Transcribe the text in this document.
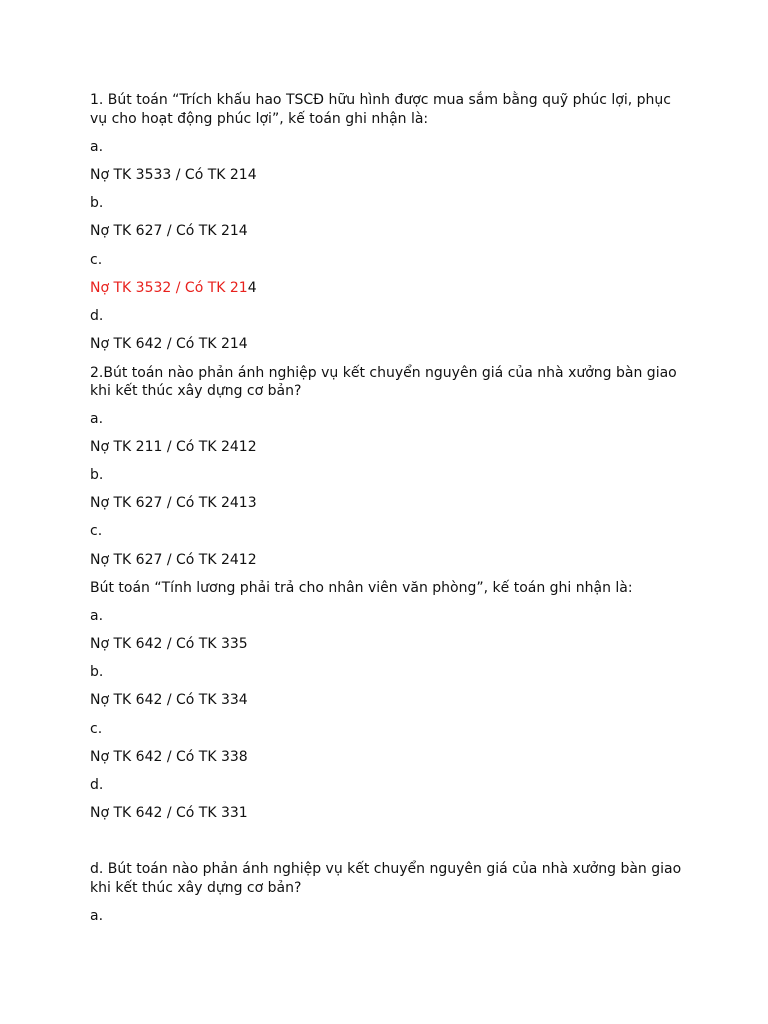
1. Bút toán “Trích khấu hao TSCĐ hữu hình được mua sắm bằng quỹ phúc lợi, phục
vụ cho hoạt động phúc lợi”, kế toán ghi nhận là:
a.
Nợ TK 3533 / Có TK 214
b.
Nợ TK 627 / Có TK 214
c.
Nợ TK 3532 / Có TK 214
d.
Nợ TK 642 / Có TK 214
2.Bút toán nào phản ánh nghiệp vụ kết chuyển nguyên giá của nhà xưởng bàn giao
khi kết thúc xây dựng cơ bản?
a.
Nợ TK 211 / Có TK 2412
b.
Nợ TK 627 / Có TK 2413
c.
Nợ TK 627 / Có TK 2412
Bút toán “Tính lương phải trả cho nhân viên văn phòng”, kế toán ghi nhận là:
a.
Nợ TK 642 / Có TK 335
b.
Nợ TK 642 / Có TK 334
c.
Nợ TK 642 / Có TK 338
d.
Nợ TK 642 / Có TK 331
d. Bút toán nào phản ánh nghiệp vụ kết chuyển nguyên giá của nhà xưởng bàn giao
khi kết thúc xây dựng cơ bản?
a.
